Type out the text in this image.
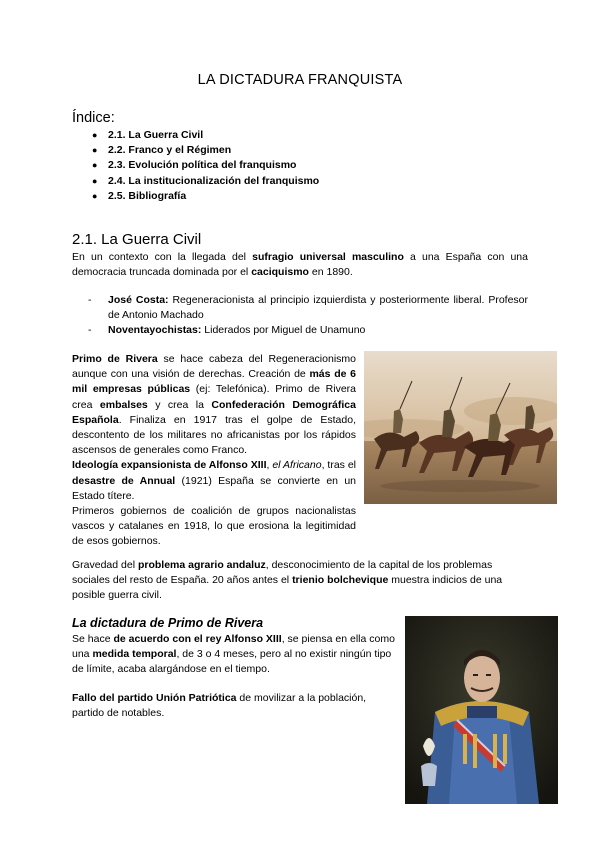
LA DICTADURA FRANQUISTA
Índice:
● 2.1. La Guerra Civil
● 2.2. Franco y el Régimen
● 2.3. Evolución política del franquismo
● 2.4. La institucionalización del franquismo
● 2.5. Bibliografía
2.1. La Guerra Civil
En un contexto con la llegada del sufragio universal masculino a una España con una democracia truncada dominada por el caciquismo en 1890.
- José Costa: Regeneracionista al principio izquierdista y posteriormente liberal. Profesor de Antonio Machado
- Noventayochistas: Liderados por Miguel de Unamuno
Primo de Rivera se hace cabeza del Regeneracionismo aunque con una visión de derechas. Creación de más de 6 mil empresas públicas (ej: Telefónica). Primo de Rivera crea embalses y crea la Confederación Demográfica Española. Finaliza en 1917 tras el golpe de Estado, descontento de los militares no africanistas por los rápidos ascensos de generales como Franco.
Ideología expansionista de Alfonso XIII, el Africano, tras el desastre de Annual (1921) España se convierte en un Estado títere.
Primeros gobiernos de coalición de grupos nacionalistas vascos y catalanes en 1918, lo que erosiona la legitimidad de esos gobiernos.
Gravedad del problema agrario andaluz, desconocimiento de la capital de los problemas sociales del resto de España. 20 años antes el trienio bolchevique muestra indicios de una posible guerra civil.
La dictadura de Primo de Rivera
Se hace de acuerdo con el rey Alfonso XIII, se piensa en ella como una medida temporal, de 3 o 4 meses, pero al no existir ningún tipo de límite, acaba alargándose en el tiempo.
Fallo del partido Unión Patriótica de movilizar a la población, partido de notables.
